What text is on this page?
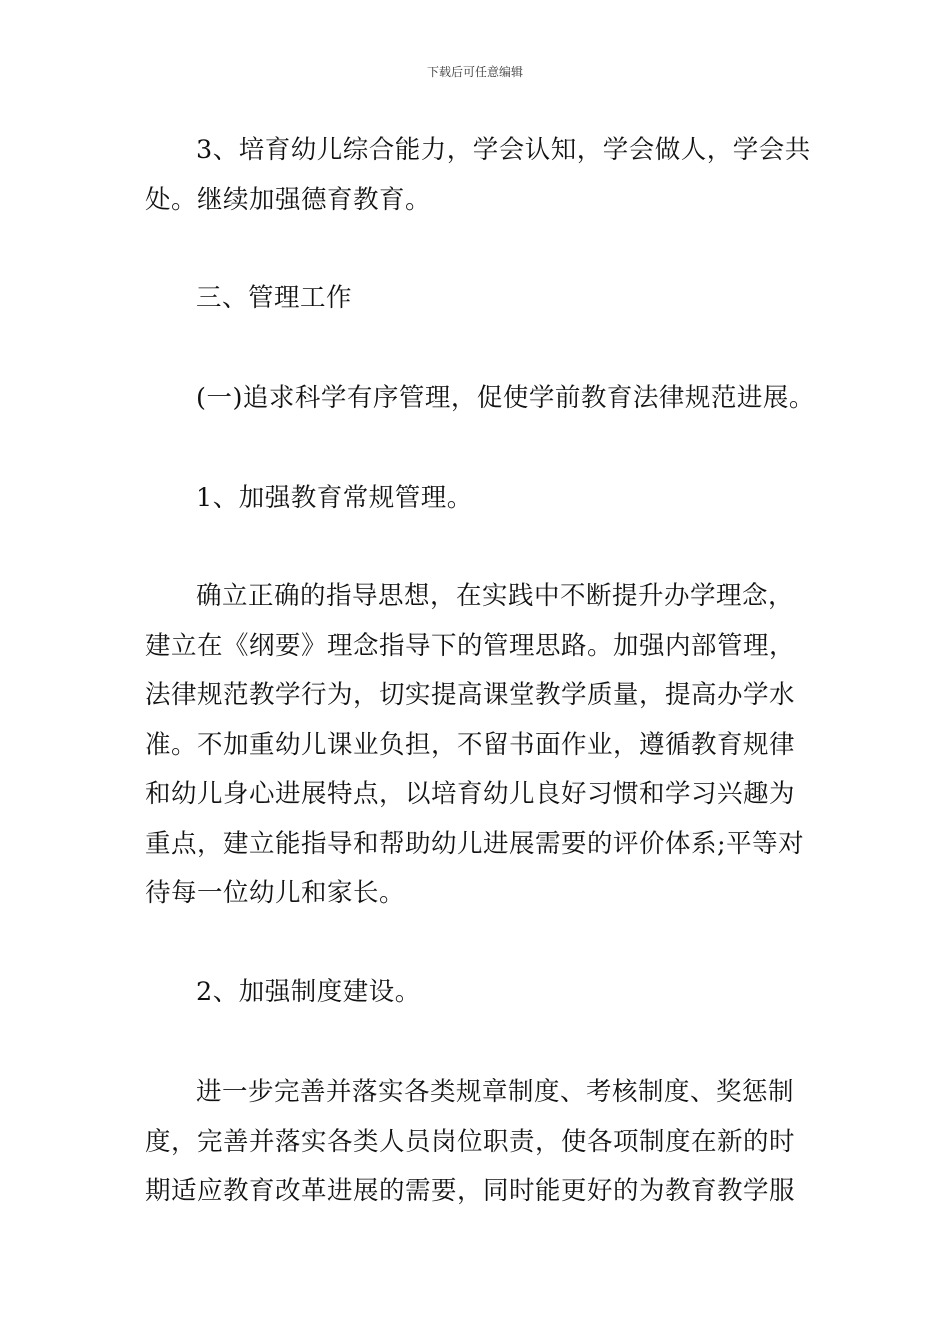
下载后可任意编辑

3、培育幼儿综合能力，学会认知，学会做人，学会共
处。继续加强德育教育。

三、管理工作

(一)追求科学有序管理，促使学前教育法律规范进展。

1、加强教育常规管理。

确立正确的指导思想，在实践中不断提升办学理念，
建立在《纲要》理念指导下的管理思路。加强内部管理，
法律规范教学行为，切实提高课堂教学质量，提高办学水
准。不加重幼儿课业负担，不留书面作业，遵循教育规律
和幼儿身心进展特点，以培育幼儿良好习惯和学习兴趣为
重点，建立能指导和帮助幼儿进展需要的评价体系;平等对
待每一位幼儿和家长。

2、加强制度建设。

进一步完善并落实各类规章制度、考核制度、奖惩制
度，完善并落实各类人员岗位职责，使各项制度在新的时
期适应教育改革进展的需要，同时能更好的为教育教学服
